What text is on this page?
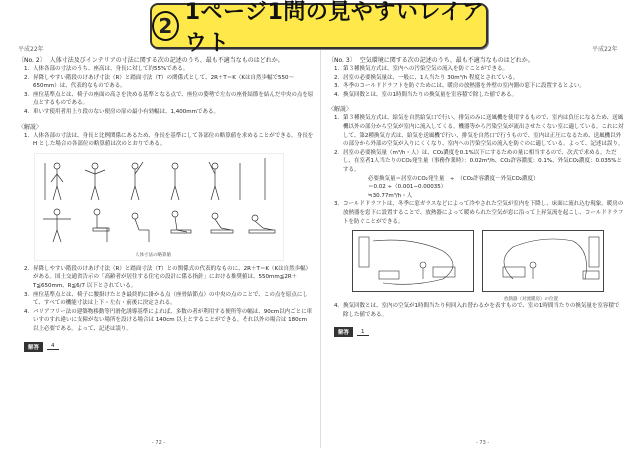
2
1ページ1問の見やすいレイアウト
平成22年	平成22年
〔No. 2〕 人体寸法及びインテリアの寸法に関する次の記述のうち、最も不適当なものはどれか。
1. 人体各部の寸法のうち、座高は、身長に対して約55%である。
2. 昇降しやすい階段のけあげ寸法（R）と踏面寸法（T）の関係式として、2R＋T＝K（Kは自然歩幅で550〜650mm）は、代表的なものである。
3. 座位基準点とは、椅子の座面の高さを決める基準となる点で、座位の姿勢で左右の座骨結節を結んだ中央の点を原点とするものである。
4. 車いす使用者用上り段のない便房の扉の最小有効幅は、1,400mmである。
〈解説〉
1. 人体各部の寸法は、身長と比例関係にあるため、身長を基準にして各部位の略算値を求めることができる。身長を H とした場合の各部位の略算値は次のとおりである。
人体寸法の略算値
2. 昇降しやすい階段のけあげ寸法（R）と踏面寸法（T）との関係式の代表的なものに、2R＋T＝K（Kは自然歩幅）がある。国土交通省告示の「高齢者が居住する住宅の設計に係る指針」における推奨値は、550mm≦2R＋T≦650mm、R≦6/7 以下とされている。
3. 座位基準点とは、椅子に腰掛けたとき最終的に掛かる点（座骨結節点）の中央の点のことで、この点を原点にして、すべての機能寸法は上下・左右・前後に決定される。
4. バリアフリー法の建築物移動等円滑化誘導基準によれば、多数の者が利用する便所等の幅は、90cm以内ごとに車いすのすれ違いに支障がない場所を設ける場合は 140cm 以上とすることができる。それ以外の場合は 180cm 以上必要である。よって、記述は誤り。
解答	4
〔No. 3〕 空気環境に関する次の記述のうち、最も不適当なものはどれか。
1. 第３種換気方式は、室内への汚染空気の流入を防ぐことができる。
2. 居室の必要換気量は、一般に、1人当たり 30m³/h 程度とされている。
3. 冬季のコールドドラフトを防ぐためには、暖房の放熱器を外壁の室内側の窓下に設置するとよい。
4. 換気回数とは、室の1時間当たりの換気量を室容積で除した値である。
〈解説〉
1. 第３種換気方式は、給気を自然給気口で行い、排気のみに送風機を使用するもので、室内は負圧になるため、送風機以外の部分から空気が室内に流入してくる。機器等から汚染空気が流出させたくない室に適している。これに対して、第2種換気方式は、給気を送風機で行い、排気を自然口で行うもので、室内は正圧になるため、送風機以外の部分から外部の空気が入りにくくなり、室内への汚染空気の流入を防ぐのに適している。よって、記述は誤り。
2. 居室の必要換気量（m³/h・人）は、CO₂濃度を0.1%以下にするための量に相当するので、次式で求める。ただし、在室者1人当たりのCO₂発生量（事務作業時）：0.02m³/h、CO₂許容濃度：0.1%、外気CO₂濃度：0.035%とする。
必要換気量＝居室のCO₂発生量　÷　（CO₂許容濃度－外気CO₂濃度）
＝0.02 ÷（0.001−0.00035）
≒30.77m³/h・人
3. コールドドラフトは、冬季に窓ガラスなどによって冷やされた空気が室内を下降し、床面に流れ込む現象。暖房の放熱器を窓下に設置することで、放熱器によって暖められた空気が窓に沿って上昇気流を起こし、コールドドラフトを防ぐことができる。
放熱器（対流暖房）の位置
4. 換気回数とは、室内の空気が1時間当たり何回入れ替わるかを表すもので、室の1時間当たりの換気量を室容積で除した値である。
解答	1
- 72 -	- 73 -
